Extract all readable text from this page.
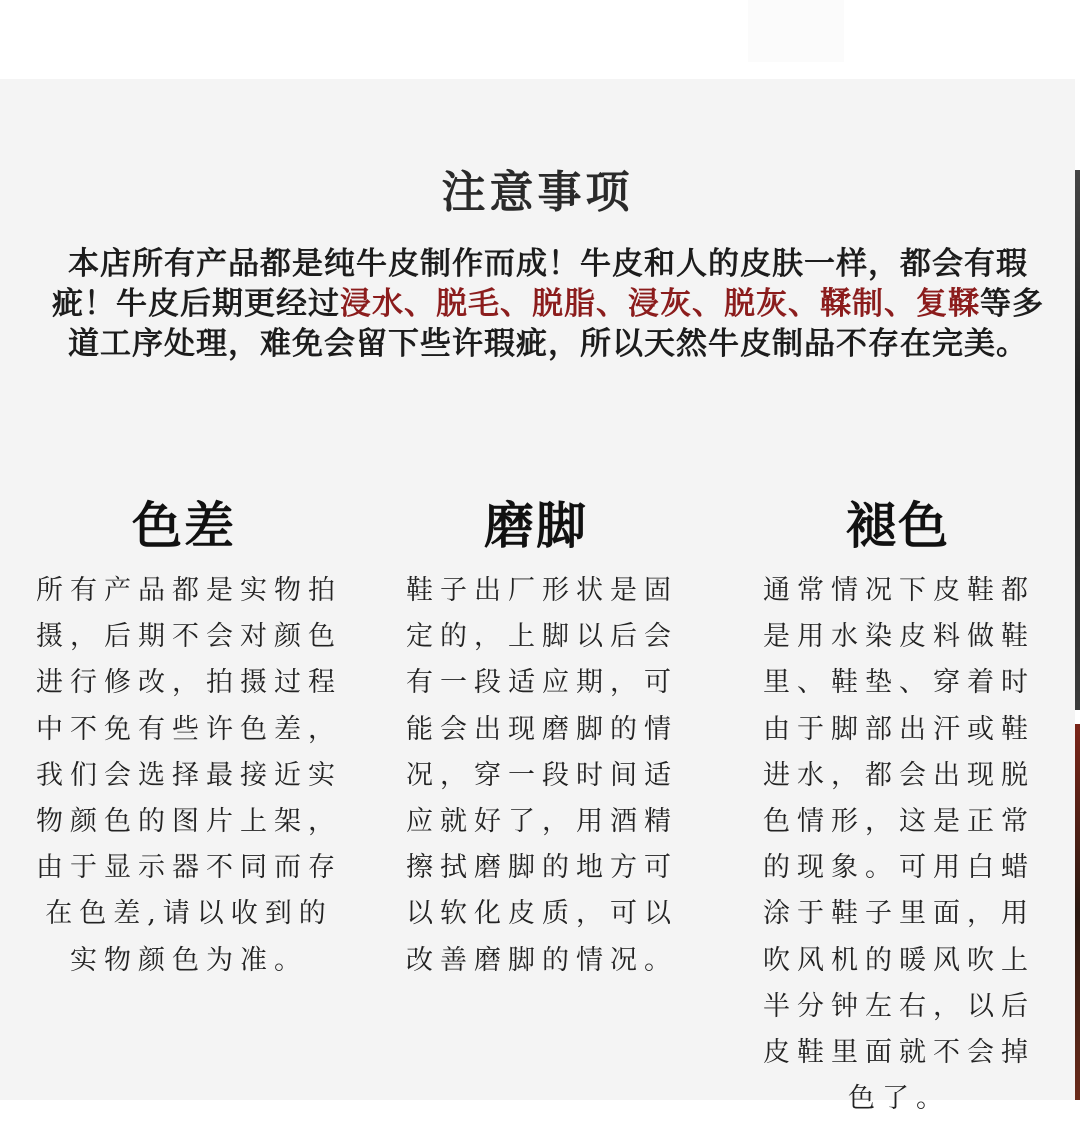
注意事项
本店所有产品都是纯牛皮制作而成！牛皮和人的皮肤一样，都会有瑕疵！牛皮后期更经过浸水、脱毛、脱脂、浸灰、脱灰、鞣制、复鞣等多道工序处理，难免会留下些许瑕疵，所以天然牛皮制品不存在完美。
色差	磨脚	褪色
所有产品都是实物拍摄，后期不会对颜色进行修改，拍摄过程中不免有些许色差，我们会选择最接近实物颜色的图片上架，由于显示器不同而存在色差,请以收到的实物颜色为准。
鞋子出厂形状是固定的，上脚以后会有一段适应期，可能会出现磨脚的情况，穿一段时间适应就好了，用酒精擦拭磨脚的地方可以软化皮质，可以改善磨脚的情况。
通常情况下皮鞋都是用水染皮料做鞋里、鞋垫、穿着时由于脚部出汗或鞋进水，都会出现脱色情形，这是正常的现象。可用白蜡涂于鞋子里面，用吹风机的暖风吹上半分钟左右，以后皮鞋里面就不会掉色了。
